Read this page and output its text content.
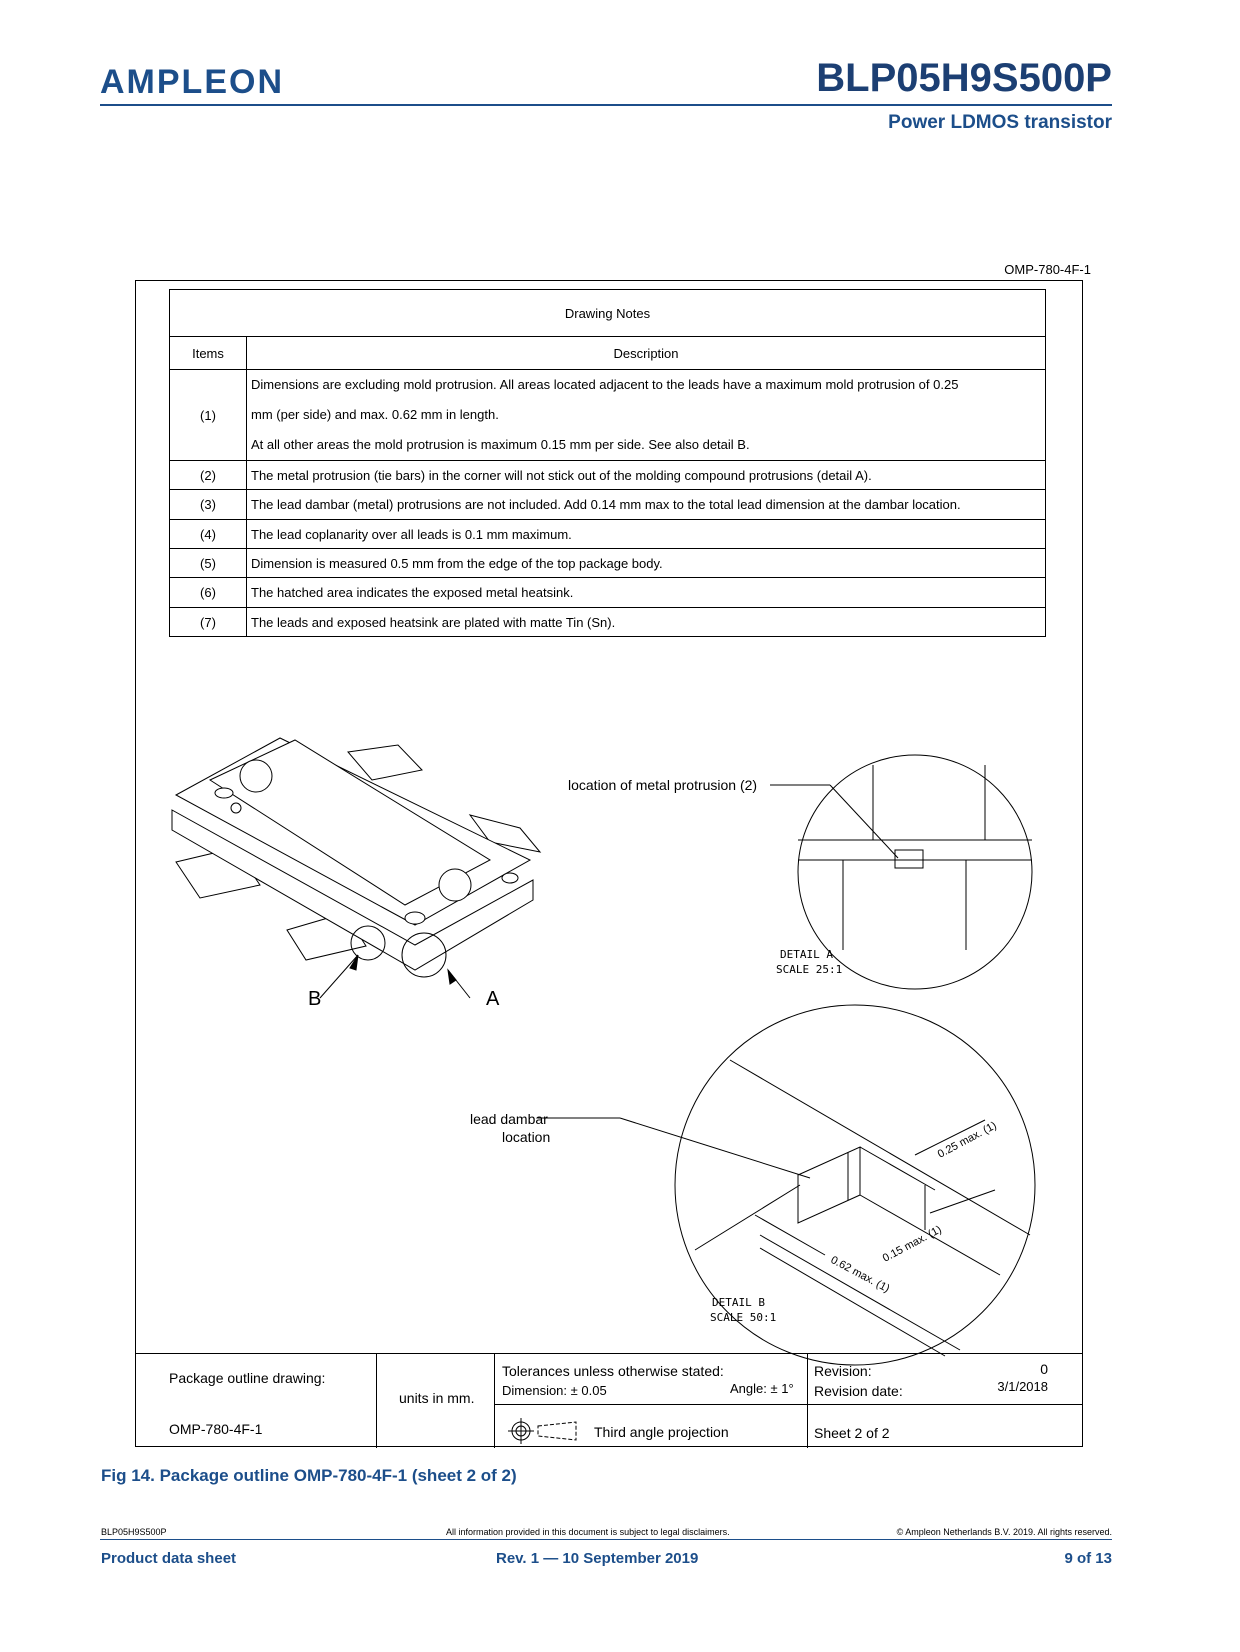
AMPLEON	BLP05H9S500P
Power LDMOS transistor
OMP-780-4F-1
Drawing Notes	
Items	Description
(1)	Dimensions are excluding mold protrusion. All areas located adjacent to the leads have a maximum mold protrusion of 0.25
mm (per side) and max. 0.62 mm in length.
At all other areas the mold protrusion is maximum 0.15 mm per side. See also detail B.

(2)	The metal protrusion (tie bars) in the corner will not stick out of the molding compound protrusions (detail A).
(3)	The lead dambar (metal) protrusions are not included. Add 0.14 mm max to the total lead dimension at the dambar location.
(4)	The lead coplanarity over all leads is 0.1 mm maximum.
(5)	Dimension is measured 0.5 mm from the edge of the top package body.
(6)	The hatched area indicates the exposed metal heatsink.
(7)	The leads and exposed heatsink are plated with matte Tin (Sn).
B	A
location of metal protrusion (2)
DETAIL A
SCALE 25:1
lead dambar
location	0.25 max. (1)
0.15 max. (1)
0.62 max. (1)
DETAIL B
SCALE 50:1
Package outline drawing:
OMP-780-4F-1
units in mm.
Tolerances unless otherwise stated:
Dimension: ± 0.05	Angle: ± 1°
Third angle projection
Revision:	0
Revision date:	3/1/2018
Sheet 2 of 2
Fig 14. Package outline OMP-780-4F-1 (sheet 2 of 2)
BLP05H9S500P	All information provided in this document is subject to legal disclaimers.	© Ampleon Netherlands B.V. 2019. All rights reserved.
Product data sheet	Rev. 1 — 10 September 2019	9 of 13
